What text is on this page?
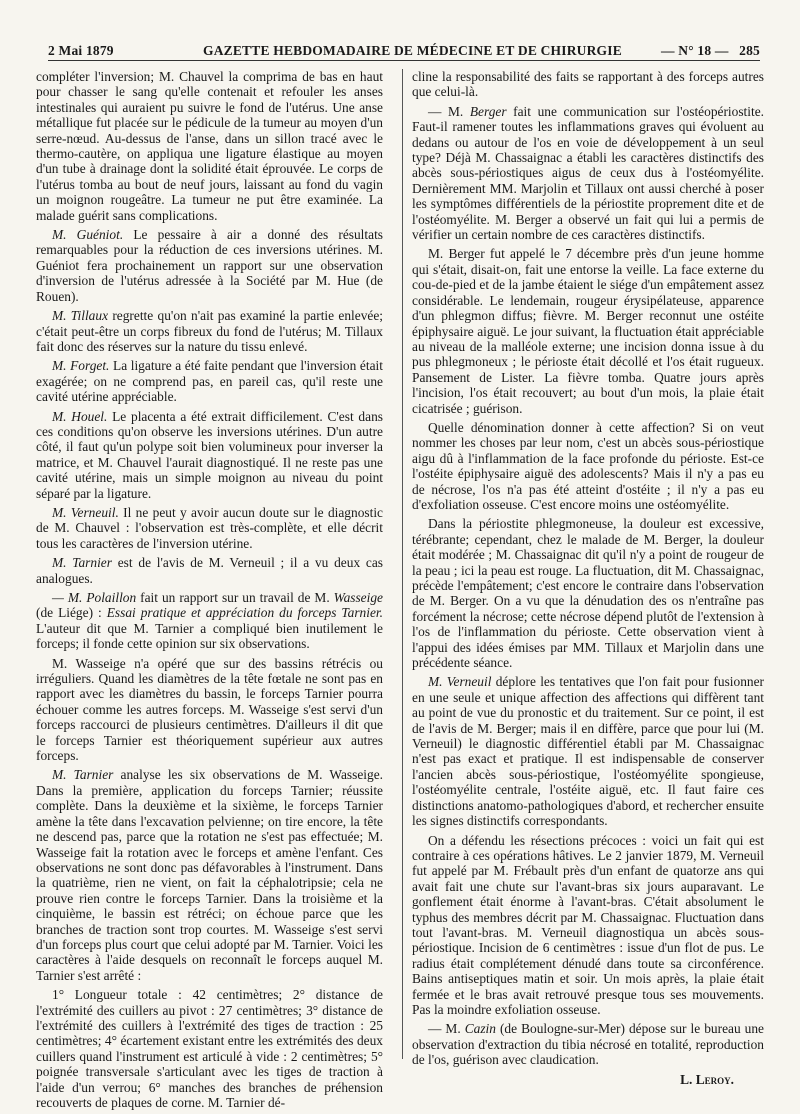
2 Mai 1879	GAZETTE HEBDOMADAIRE DE MÉDECINE ET DE CHIRURGIE	— N° 18 — 285

compléter l'inversion; M. Chauvel la comprima de bas en haut pour chasser le sang qu'elle contenait et refouler les anses intestinales qui auraient pu suivre le fond de l'utérus. Une anse métallique fut placée sur le pédicule de la tumeur au moyen d'un serre-nœud. Au-dessus de l'anse, dans un sillon tracé avec le thermo-cautère, on appliqua une ligature élastique au moyen d'un tube à drainage dont la solidité était éprouvée. Le corps de l'utérus tomba au bout de neuf jours, laissant au fond du vagin un moignon rougeâtre. La tumeur ne put être examinée. La malade guérit sans complications.

M. Guéniot. Le pessaire à air a donné des résultats remarquables pour la réduction de ces inversions utérines. M. Guéniot fera prochainement un rapport sur une observation d'inversion de l'utérus adressée à la Société par M. Hue (de Rouen).

M. Tillaux regrette qu'on n'ait pas examiné la partie enlevée; c'était peut-être un corps fibreux du fond de l'utérus; M. Tillaux fait donc des réserves sur la nature du tissu enlevé.

M. Forget. La ligature a été faite pendant que l'inversion était exagérée; on ne comprend pas, en pareil cas, qu'il reste une cavité utérine appréciable.

M. Houel. Le placenta a été extrait difficilement. C'est dans ces conditions qu'on observe les inversions utérines. D'un autre côté, il faut qu'un polype soit bien volumineux pour inverser la matrice, et M. Chauvel l'aurait diagnostiqué. Il ne reste pas une cavité utérine, mais un simple moignon au niveau du point séparé par la ligature.

M. Verneuil. Il ne peut y avoir aucun doute sur le diagnostic de M. Chauvel : l'observation est très-complète, et elle décrit tous les caractères de l'inversion utérine.

M. Tarnier est de l'avis de M. Verneuil ; il a vu deux cas analogues.

— M. Polaillon fait un rapport sur un travail de M. Wasseige (de Liége) : Essai pratique et appréciation du forceps Tarnier. L'auteur dit que M. Tarnier a compliqué bien inutilement le forceps; il fonde cette opinion sur six observations.

M. Wasseige n'a opéré que sur des bassins rétrécis ou irréguliers. Quand les diamètres de la tête fœtale ne sont pas en rapport avec les diamètres du bassin, le forceps Tarnier pourra échouer comme les autres forceps. M. Wasseige s'est servi d'un forceps raccourci de plusieurs centimètres. D'ailleurs il dit que le forceps Tarnier est théoriquement supérieur aux autres forceps.

M. Tarnier analyse les six observations de M. Wasseige. Dans la première, application du forceps Tarnier; réussite complète. Dans la deuxième et la sixième, le forceps Tarnier amène la tête dans l'excavation pelvienne; on tire encore, la tête ne descend pas, parce que la rotation ne s'est pas effectuée; M. Wasseige fait la rotation avec le forceps et amène l'enfant. Ces observations ne sont donc pas défavorables à l'instrument. Dans la quatrième, rien ne vient, on fait la céphalotripsie; cela ne prouve rien contre le forceps Tarnier. Dans la troisième et la cinquième, le bassin est rétréci; on échoue parce que les branches de traction sont trop courtes. M. Wasseige s'est servi d'un forceps plus court que celui adopté par M. Tarnier. Voici les caractères à l'aide desquels on reconnaît le forceps auquel M. Tarnier s'est arrêté :

1° Longueur totale : 42 centimètres; 2° distance de l'extrémité des cuillers au pivot : 27 centimètres; 3° distance de l'extrémité des cuillers à l'extrémité des tiges de traction : 25 centimètres; 4° écartement existant entre les extrémités des deux cuillers quand l'instrument est articulé à vide : 2 centimètres; 5° poignée transversale s'articulant avec les tiges de traction à l'aide d'un verrou; 6° manches des branches de préhension recouverts de plaques de corne. M. Tarnier dé-

cline la responsabilité des faits se rapportant à des forceps autres que celui-là.

— M. Berger fait une communication sur l'ostéopériostite. Faut-il ramener toutes les inflammations graves qui évoluent au dedans ou autour de l'os en voie de développement à un seul type? Déjà M. Chassaignac a établi les caractères distinctifs des abcès sous-périostiques aigus de ceux dus à l'ostéomyélite. Dernièrement MM. Marjolin et Tillaux ont aussi cherché à poser les symptômes différentiels de la périostite proprement dite et de l'ostéomyélite. M. Berger a observé un fait qui lui a permis de vérifier un certain nombre de ces caractères distinctifs.

M. Berger fut appelé le 7 décembre près d'un jeune homme qui s'était, disait-on, fait une entorse la veille. La face externe du cou-de-pied et de la jambe étaient le siége d'un empâtement assez considérable. Le lendemain, rougeur érysipélateuse, apparence d'un phlegmon diffus; fièvre. M. Berger reconnut une ostéite épiphysaire aiguë. Le jour suivant, la fluctuation était appréciable au niveau de la malléole externe; une incision donna issue à du pus phlegmoneux ; le périoste était décollé et l'os était rugueux. Pansement de Lister. La fièvre tomba. Quatre jours après l'incision, l'os était recouvert; au bout d'un mois, la plaie était cicatrisée ; guérison.

Quelle dénomination donner à cette affection? Si on veut nommer les choses par leur nom, c'est un abcès sous-périostique aigu dû à l'inflammation de la face profonde du périoste. Est-ce l'ostéite épiphysaire aiguë des adolescents? Mais il n'y a pas eu de nécrose, l'os n'a pas été atteint d'ostéite ; il n'y a pas eu d'exfoliation osseuse. C'est encore moins une ostéomyélite.

Dans la périostite phlegmoneuse, la douleur est excessive, térébrante; cependant, chez le malade de M. Berger, la douleur était modérée ; M. Chassaignac dit qu'il n'y a point de rougeur de la peau ; ici la peau est rouge. La fluctuation, dit M. Chassaignac, précède l'empâtement; c'est encore le contraire dans l'observation de M. Berger. On a vu que la dénudation des os n'entraîne pas forcément la nécrose; cette nécrose dépend plutôt de l'extension à l'os de l'inflammation du périoste. Cette observation vient à l'appui des idées émises par MM. Tillaux et Marjolin dans une précédente séance.

M. Verneuil déplore les tentatives que l'on fait pour fusionner en une seule et unique affection des affections qui diffèrent tant au point de vue du pronostic et du traitement. Sur ce point, il est de l'avis de M. Berger; mais il en diffère, parce que pour lui (M. Verneuil) le diagnostic différentiel établi par M. Chassaignac n'est pas exact et pratique. Il est indispensable de conserver l'ancien abcès sous-périostique, l'ostéomyélite spongieuse, l'ostéomyélite centrale, l'ostéite aiguë, etc. Il faut faire ces distinctions anatomo-pathologiques d'abord, et rechercher ensuite les signes distinctifs correspondants.

On a défendu les résections précoces : voici un fait qui est contraire à ces opérations hâtives. Le 2 janvier 1879, M. Verneuil fut appelé par M. Frébault près d'un enfant de quatorze ans qui avait fait une chute sur l'avant-bras six jours auparavant. Le gonflement était énorme à l'avant-bras. C'était absolument le typhus des membres décrit par M. Chassaignac. Fluctuation dans tout l'avant-bras. M. Verneuil diagnostiqua un abcès sous-périostique. Incision de 6 centimètres : issue d'un flot de pus. Le radius était complétement dénudé dans toute sa circonférence. Bains antiseptiques matin et soir. Un mois après, la plaie était fermée et le bras avait retrouvé presque tous ses mouvements. Pas la moindre exfoliation osseuse.

— M. Cazin (de Boulogne-sur-Mer) dépose sur le bureau une observation d'extraction du tibia nécrosé en totalité, reproduction de l'os, guérison avec claudication.

L. Leroy.
